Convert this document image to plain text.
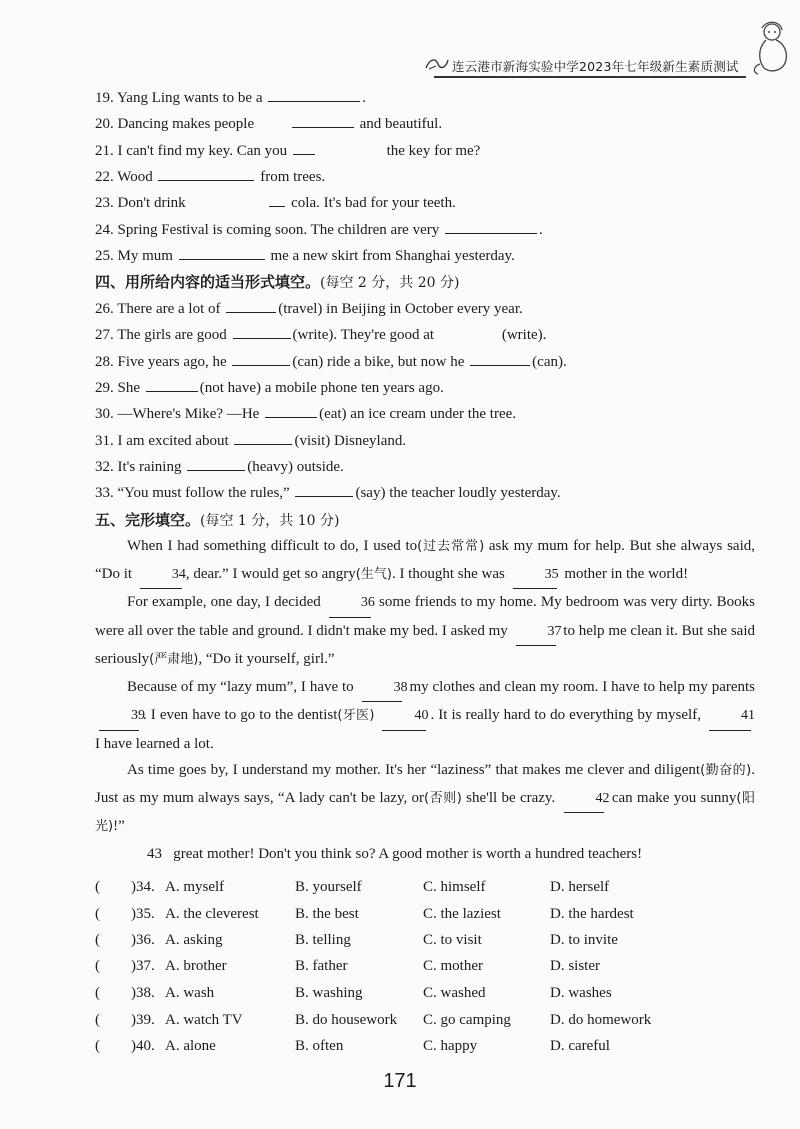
连云港市新海实验中学2023年七年级新生素质测试
19. Yang Ling wants to be a	.
20. Dancing makes people	and beautiful.
21. I can't find my key. Can you	the key for me?
22. Wood	from trees.
23. Don't drink	cola. It's bad for your teeth.
24. Spring Festival is coming soon. The children are very	.
25. My mum	me a new skirt from Shanghai yesterday.
四、用所给内容的适当形式填空。(每空 2 分，共 20 分)
26. There are a lot of	(travel) in Beijing in October every year.
27. The girls are good	(write). They're good at	(write).
28. Five years ago, he	(can) ride a bike, but now he	(can).
29. She	(not have) a mobile phone ten years ago.
30. —Where's Mike? —He	(eat) an ice cream under the tree.
31. I am excited about	(visit) Disneyland.
32. It's raining	(heavy) outside.
33. “You must follow the rules,”	(say) the teacher loudly yesterday.
五、完形填空。(每空 1 分，共 10 分)

When I had something difficult to do, I used to(过去常常) ask my mum for help. But she always said, “Do it	34, dear.” I would get so angry(生气). I thought she was	35 mother in the world!

For example, one day, I decided	36 some friends to my home. My bedroom was very dirty. Books were all over the table and ground. I didn't make my bed. I asked my	37 to help me clean it. But she said seriously(严肃地), “Do it yourself, girl.”

Because of my “lazy mum”, I have to	38 my clothes and clean my room. I have to help my parents 39. I even have to go to the dentist(牙医)	40 . It is really hard to do everything by myself,	41 I have learned a lot.

As time goes by, I understand my mother. It's her “laziness” that makes me clever and diligent(勤奋的). Just as my mum always says, “A lady can't be lazy, or(否则) she'll be crazy.	42 can make you sunny(阳光)!”

43 great mother! Don't you think so? A good mother is worth a hundred teachers!

( )34. A. myself	B. yourself	C. himself	D. herself
( )35. A. the cleverest B. the best	C. the laziest	D. the hardest
( )36. A. asking	B. telling	C. to visit	D. to invite
( )37. A. brother	B. father	C. mother	D. sister
( )38. A. wash	B. washing	C. washed	D. washes
( )39. A. watch TV	B. do housework C. go camping	D. do homework
( )40. A. alone	B. often	C. happy	D. careful
171
